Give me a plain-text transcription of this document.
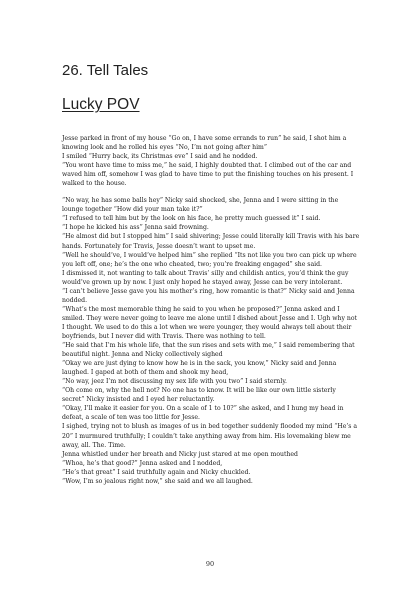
26. Tell Tales
Lucky POV

Jesse parked in front of my house “Go on, I have some errands to run” he said, I shot him a knowing look and he rolled his eyes “No, I’m not going after him”

I smiled “Hurry back, its Christmas eve” I said and he nodded.

“You wont have time to miss me,” he said, I highly doubted that. I climbed out of the car and waved him off, somehow I was glad to have time to put the finishing touches on his present. I walked to the house.

“No way, he has some balls hey” Nicky said shocked, she, Jenna and I were sitting in the lounge together “How did your man take it?”

“I refused to tell him but by the look on his face, he pretty much guessed it” I said.

“I hope he kicked his ass” Jenna said frowning.

“He almost did but I stopped him” I said shivering; Jesse could literally kill Travis with his bare hands. Fortunately for Travis, Jesse doesn’t want to upset me.

“Well he should’ve, I would’ve helped him” she replied “Its not like you two can pick up where you left off, one; he’s the one who cheated, two; you’re freaking engaged” she said.

I dismissed it, not wanting to talk about Travis’ silly and childish antics, you’d think the guy would’ve grown up by now. I just only hoped he stayed away, Jesse can be very intolerant.

“I can’t believe Jesse gave you his mother’s ring, how romantic is that?” Nicky said and Jenna nodded.

“What’s the most memorable thing he said to you when he proposed?” Jenna asked and I smiled. They were never going to leave me alone until I dished about Jesse and I. Ugh why not I thought. We used to do this a lot when we were younger, they would always tell about their boyfriends, but I never did with Travis. There was nothing to tell.

“He said that I’m his whole life, that the sun rises and sets with me,” I said remembering that beautiful night. Jenna and Nicky collectively sighed

“Okay we are just dying to know how he is in the sack, you know,” Nicky said and Jenna laughed. I gaped at both of them and shook my head,

“No way, jeez I’m not discussing my sex life with you two” I said sternly.

“Oh come on, why the hell not? No one has to know. It will be like our own little sisterly secret” Nicky insisted and I eyed her reluctantly.

“Okay, I’ll make it easier for you. On a scale of 1 to 10?” she asked, and I hung my head in defeat, a scale of ten was too little for Jesse.

I sighed, trying not to blush as images of us in bed together suddenly flooded my mind “He’s a 20” I murmured truthfully; I couldn’t take anything away from him. His lovemaking blew me away, all. The. Time.

Jenna whistled under her breath and Nicky just stared at me open mouthed

“Whoa, he’s that good?” Jenna asked and I nodded,

“He’s that great” I said truthfully again and Nicky chuckled.

“Wow, I’m so jealous right now,” she said and we all laughed.

90
